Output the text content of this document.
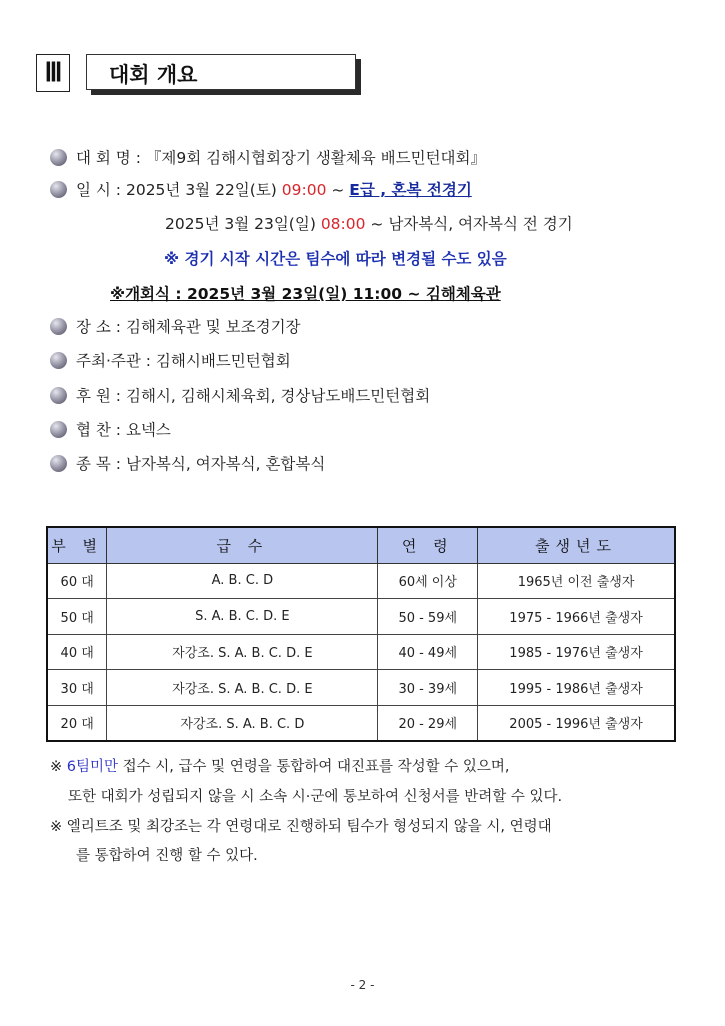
Ⅲ	대회 개요
대 회 명 : 『제9회 김해시협회장기 생활체육 배드민턴대회』
일 시 : 2025년 3월 22일(토) 09:00 ~ E급 , 혼복 전경기
2025년 3월 23일(일) 08:00 ~ 남자복식, 여자복식 전 경기
※ 경기 시작 시간은 팀수에 따라 변경될 수도 있음
※개회식 : 2025년 3월 23일(일) 11:00 ~ 김해체육관
장 소 : 김해체육관 및 보조경기장
주최·주관 : 김해시배드민턴협회
후 원 : 김해시, 김해시체육회, 경상남도배드민턴협회
협 찬 : 요넥스
종 목 : 남자복식, 여자복식, 혼합복식
부 별	급 수	연 령	출생년도
60 대	A. B. C. D	60세 이상	1965년 이전 출생자
50 대	S. A. B. C. D. E	50 - 59세	1975 - 1966년 출생자
40 대	자강조. S. A. B. C. D. E	40 - 49세	1985 - 1976년 출생자
30 대	자강조. S. A. B. C. D. E	30 - 39세	1995 - 1986년 출생자
20 대	자강조. S. A. B. C. D	20 - 29세	2005 - 1996년 출생자
※ 6팀미만 접수 시, 급수 및 연령을 통합하여 대진표를 작성할 수 있으며,
또한 대회가 성립되지 않을 시 소속 시·군에 통보하여 신청서를 반려할 수 있다.
※ 엘리트조 및 최강조는 각 연령대로 진행하되 팀수가 형성되지 않을 시, 연령대
를 통합하여 진행 할 수 있다.
- 2 -
